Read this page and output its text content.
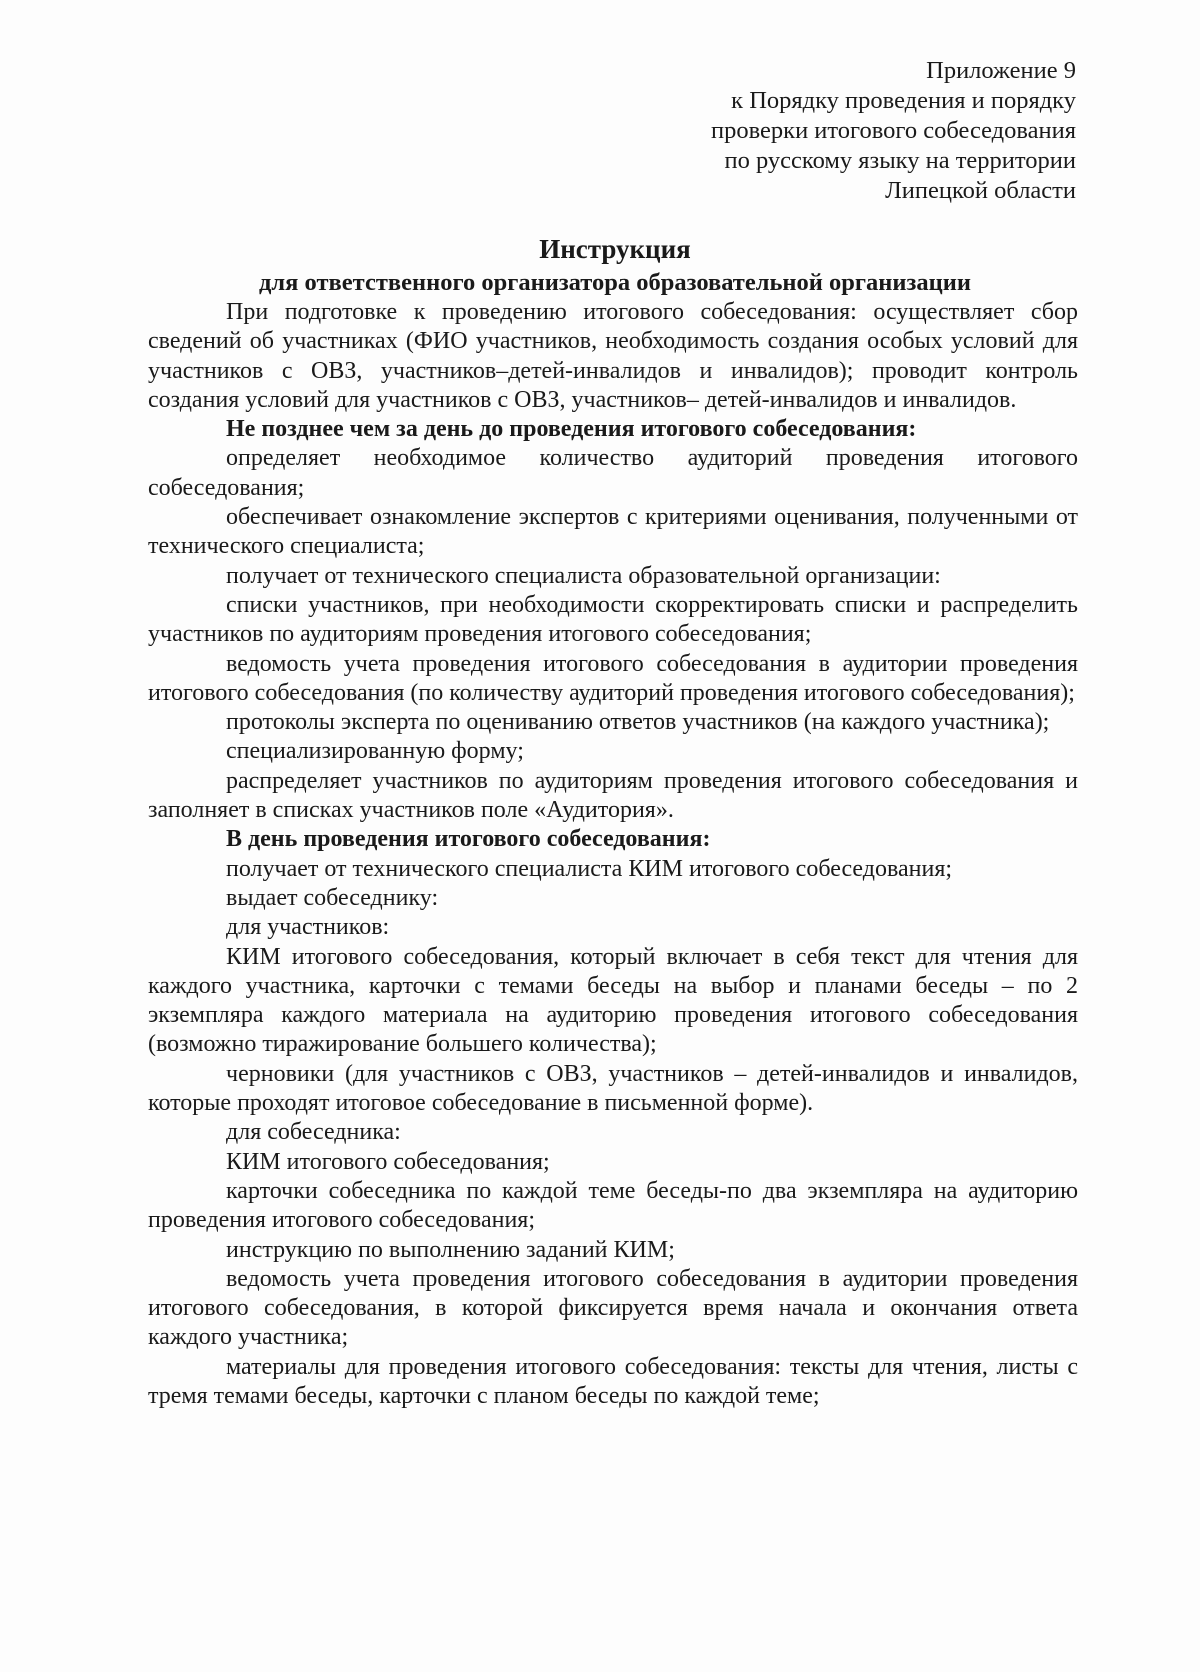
Приложение 9
к Порядку проведения и порядку
проверки итогового собеседования
по русскому языку на территории
Липецкой области
Инструкция
для ответственного организатора образовательной организации

При подготовке к проведению итогового собеседования: осуществляет сбор сведений об участниках (ФИО участников, необходимость создания особых условий для участников с ОВЗ, участников–детей-инвалидов и инвалидов); проводит контроль создания условий для участников с ОВЗ, участников– детей-инвалидов и инвалидов.

Не позднее чем за день до проведения итогового собеседования:

определяет необходимое количество аудиторий проведения итогового собеседования;

обеспечивает ознакомление экспертов с критериями оценивания, полученными от технического специалиста;

получает от технического специалиста образовательной организации:

списки участников, при необходимости скорректировать списки и распределить участников по аудиториям проведения итогового собеседования;

ведомость учета проведения итогового собеседования в аудитории проведения итогового собеседования (по количеству аудиторий проведения итогового собеседования);

протоколы эксперта по оцениванию ответов участников (на каждого участника);

специализированную форму;

распределяет участников по аудиториям проведения итогового собеседования и заполняет в списках участников поле «Аудитория».

В день проведения итогового собеседования:

получает от технического специалиста КИМ итогового собеседования;

выдает собеседнику:

для участников:

КИМ итогового собеседования, который включает в себя текст для чтения для каждого участника, карточки с темами беседы на выбор и планами беседы – по 2 экземпляра каждого материала на аудиторию проведения итогового собеседования (возможно тиражирование большего количества);

черновики (для участников с ОВЗ, участников – детей-инвалидов и инвалидов, которые проходят итоговое собеседование в письменной форме).

для собеседника:

КИМ итогового собеседования;

карточки собеседника по каждой теме беседы-по два экземпляра на аудиторию проведения итогового собеседования;

инструкцию по выполнению заданий КИМ;

ведомость учета проведения итогового собеседования в аудитории проведения итогового собеседования, в которой фиксируется время начала и окончания ответа каждого участника;

материалы для проведения итогового собеседования: тексты для чтения, листы с тремя темами беседы, карточки с планом беседы по каждой теме;
